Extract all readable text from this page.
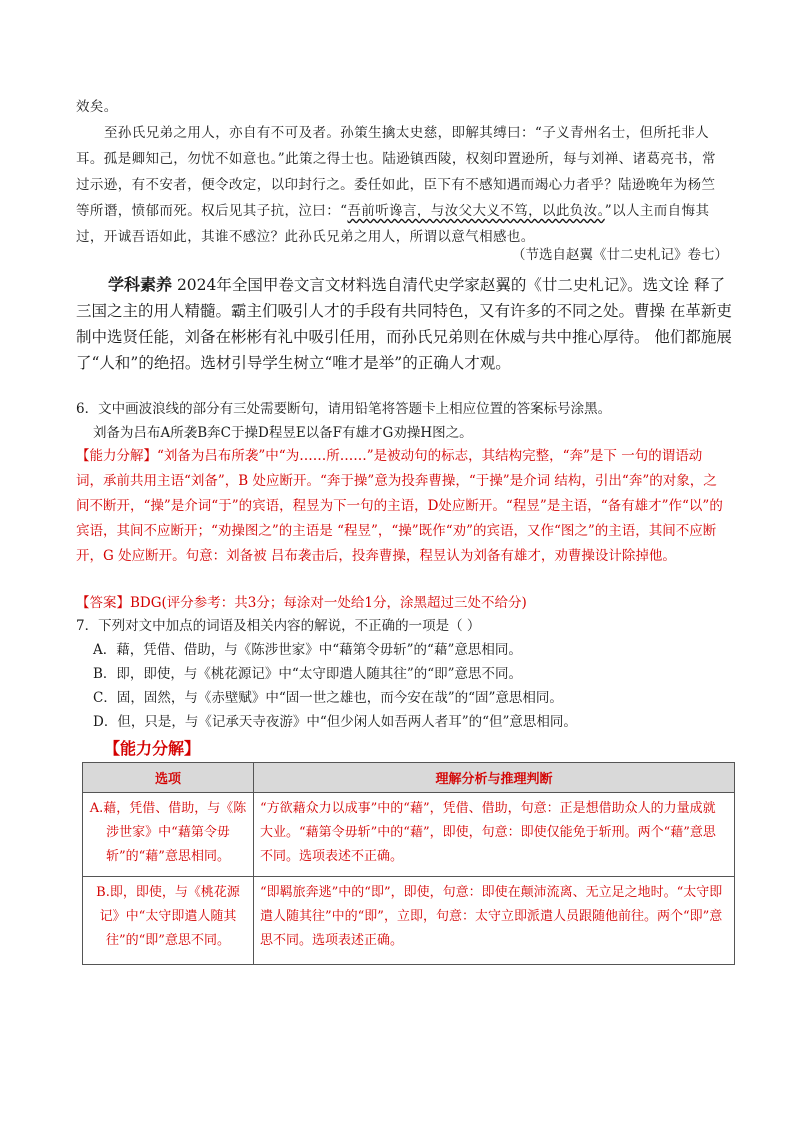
效矣。

至孙氏兄弟之用人，亦自有不可及者。孙策生擒太史慈，即解其缚曰：“子义青州名士，但所托非人耳。孤是卿知己，勿忧不如意也。”此策之得士也。陆逊镇西陵，权刻印置逊所，每与刘禅、诸葛亮书，常过示逊，有不安者，便令改定，以印封行之。委任如此，臣下有不感知遇而竭心力者乎？陆逊晚年为杨竺等所谮，愤郁而死。权后见其子抗，泣曰：“吾前听谗言，与汝父大义不笃，以此负汝。”以人主而自悔其过，开诚吾语如此，其谁不感泣？此孙氏兄弟之用人，所谓以意气相感也。

（节选自赵翼《廿二史札记》卷七）

学科素养 2024年全国甲卷文言文材料选自清代史学家赵翼的《廿二史札记》。选文诠 释了三国之主的用人精髓。霸主们吸引人才的手段有共同特色，又有许多的不同之处。曹操 在革新吏制中选贤任能，刘备在彬彬有礼中吸引任用，而孙氏兄弟则在休威与共中推心厚待。 他们都施展了“人和”的绝招。选材引导学生树立“唯才是举”的正确人才观。

6．文中画波浪线的部分有三处需要断句，请用铅笔将答题卡上相应位置的答案标号涂黑。

刘备为吕布A所袭B奔C于操D程昱E以备F有雄才G劝操H图之。

【能力分解】“刘备为吕布所袭”中“为……所……”是被动句的标志，其结构完整，“奔”是下 一句的谓语动词，承前共用主语“刘备”，B 处应断开。“奔于操”意为投奔曹操，“于操”是介词 结构，引出“奔”的对象，之间不断开，“操”是介词“于”的宾语，程昱为下一句的主语，D处应断开。“程昱”是主语，“备有雄才”作“以”的宾语，其间不应断开；“劝操图之”的主语是 “程昱”，“操”既作“劝”的宾语，又作“图之”的主语，其间不应断开，G 处应断开。句意：刘备被 吕布袭击后，投奔曹操，程昱认为刘备有雄才，劝曹操设计除掉他。

【答案】BDG(评分参考：共3分；每涂对一处给1分，涂黑超过三处不给分)

7．下列对文中加点的词语及相关内容的解说，不正确的一项是（ ）

A．藉，凭借、借助，与《陈涉世家》中“藉第令毋斩”的“藉”意思相同。

B．即，即使，与《桃花源记》中“太守即遣人随其往”的“即”意思不同。

C．固，固然，与《赤壁赋》中“固一世之雄也，而今安在哉”的“固”意思相同。

D．但，只是，与《记承天寺夜游》中“但少闲人如吾两人者耳”的“但”意思相同。

【能力分解】

选项	理解分析与推理判断
A.藉，凭借、借助，与《陈涉世家》中“藉第令毋斩”的“藉”意思相同。	“方欲藉众力以成事”中的“藉”，凭借、借助，句意：正是想借助众人的力量成就大业。“藉第令毋斩”中的“藉”，即使，句意：即使仅能免于斩刑。两个“藉”意思不同。选项表述不正确。
B.即，即使，与《桃花源记》中“太守即遣人随其往”的“即”意思不同。	“即羁旅奔逃”中的“即”，即使，句意：即使在颠沛流离、无立足之地时。“太守即遣人随其往”中的“即”，立即，句意：太守立即派遣人员跟随他前往。两个“即”意思不同。选项表述正确。
